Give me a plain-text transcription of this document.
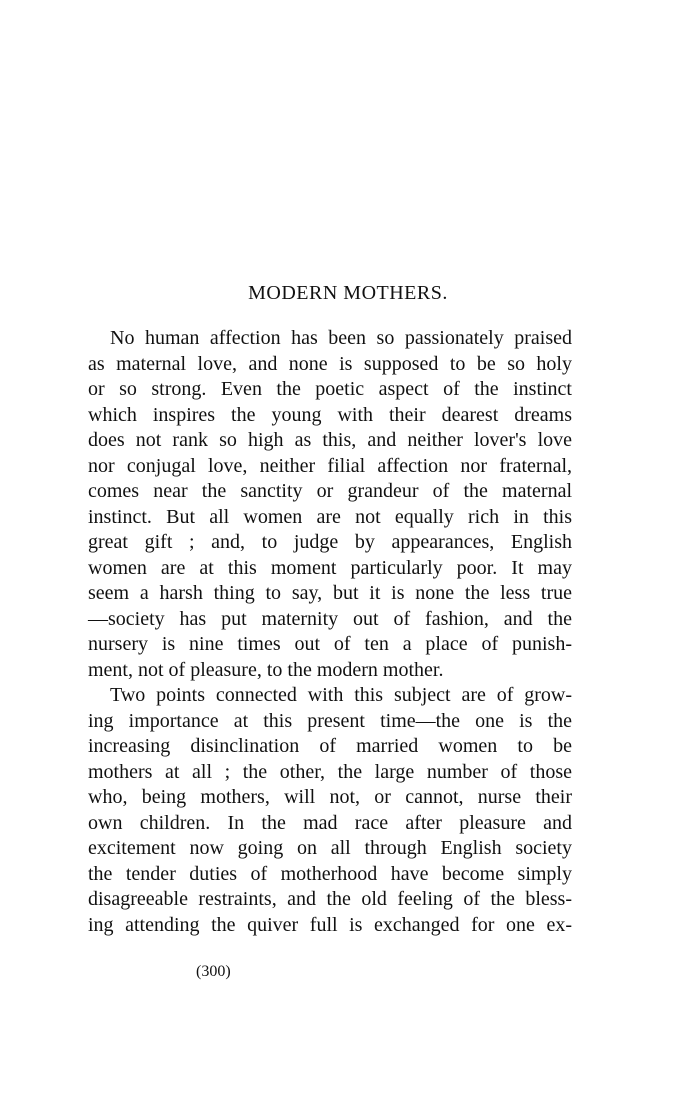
MODERN MOTHERS.
No human affection has been so passionately praised
as maternal love, and none is supposed to be so holy
or so strong. Even the poetic aspect of the instinct
which inspires the young with their dearest dreams
does not rank so high as this, and neither lover's love
nor conjugal love, neither filial affection nor fraternal,
comes near the sanctity or grandeur of the maternal
instinct. But all women are not equally rich in this
great gift ; and, to judge by appearances, English
women are at this moment particularly poor. It may
seem a harsh thing to say, but it is none the less true
—society has put maternity out of fashion, and the
nursery is nine times out of ten a place of punish-
ment, not of pleasure, to the modern mother.
Two points connected with this subject are of grow-
ing importance at this present time—the one is the
increasing disinclination of married women to be
mothers at all ; the other, the large number of those
who, being mothers, will not, or cannot, nurse their
own children. In the mad race after pleasure and
excitement now going on all through English society
the tender duties of motherhood have become simply
disagreeable restraints, and the old feeling of the bless-
ing attending the quiver full is exchanged for one ex-

(300)
